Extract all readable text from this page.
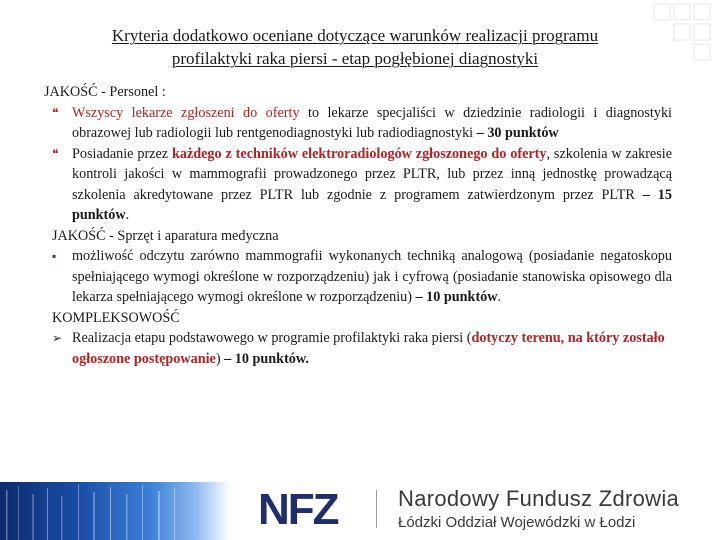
Kryteria dodatkowo oceniane dotyczące warunków realizacji programu
profilaktyki raka piersi - etap pogłębionej diagnostyki
JAKOŚĆ - Personel :
❝ Wszyscy lekarze zgłoszeni do oferty to lekarze specjaliści w dziedzinie radiologii i diagnostyki obrazowej lub radiologii lub rentgenodiagnostyki lub radiodiagnostyki – 30 punktów
❝ Posiadanie przez każdego z techników elektroradiologów zgłoszonego do oferty, szkolenia w zakresie kontroli jakości w mammografii prowadzonego przez PLTR, lub przez inną jednostkę prowadzącą szkolenia akredytowane przez PLTR lub zgodnie z programem zatwierdzonym przez PLTR – 15 punktów.
JAKOŚĆ - Sprzęt i aparatura medyczna
▪	możliwość odczytu zarówno mammografii wykonanych techniką analogową (posiadanie negatoskopu spełniającego wymogi określone w rozporządzeniu) jak i cyfrową (posiadanie stanowiska opisowego dla lekarza spełniającego wymogi określone w rozporządzeniu) – 10 punktów.
KOMPLEKSOWOŚĆ
➢ Realizacja etapu podstawowego w programie profilaktyki raka piersi (dotyczy terenu, na który zostało ogłoszone postępowanie) – 10 punktów.
NFZ	Narodowy Fundusz Zdrowia
Łódzki Oddział Wojewódzki w Łodzi
